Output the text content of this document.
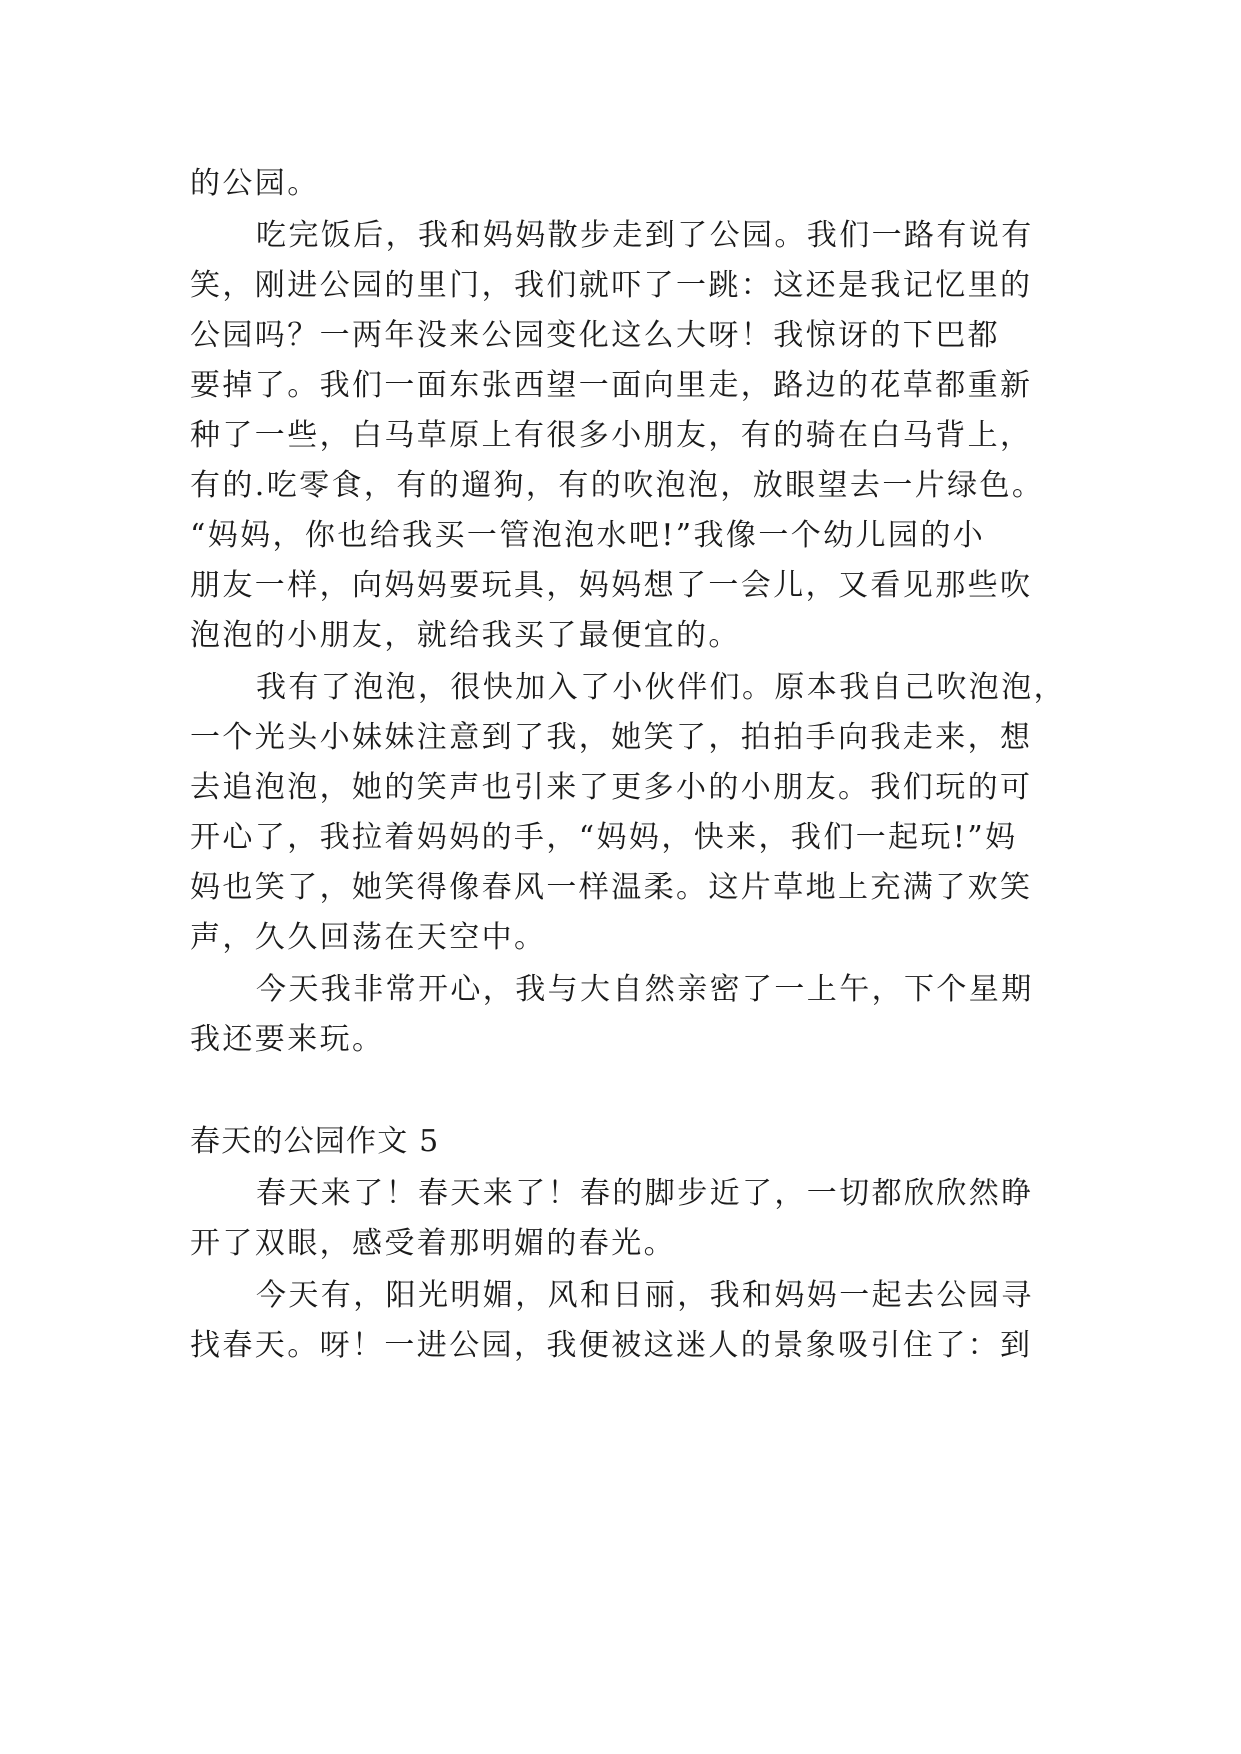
的公园。

吃完饭后，我和妈妈散步走到了公园。我们一路有说有

笑，刚进公园的里门，我们就吓了一跳：这还是我记忆里的

公园吗？一两年没来公园变化这么大呀！我惊讶的下巴都

要掉了。我们一面东张西望一面向里走，路边的花草都重新

种了一些，白马草原上有很多小朋友，有的骑在白马背上，

有的.吃零食，有的遛狗，有的吹泡泡，放眼望去一片绿色。

“妈妈，你也给我买一管泡泡水吧!”我像一个幼儿园的小

朋友一样，向妈妈要玩具，妈妈想了一会儿，又看见那些吹

泡泡的小朋友，就给我买了最便宜的。

我有了泡泡，很快加入了小伙伴们。原本我自己吹泡泡，

一个光头小妹妹注意到了我，她笑了，拍拍手向我走来，想

去追泡泡，她的笑声也引来了更多小的小朋友。我们玩的可

开心了，我拉着妈妈的手，“妈妈，快来，我们一起玩!”妈

妈也笑了，她笑得像春风一样温柔。这片草地上充满了欢笑

声，久久回荡在天空中。

今天我非常开心，我与大自然亲密了一上午，下个星期

我还要来玩。

春天的公园作文 5

春天来了！春天来了！春的脚步近了，一切都欣欣然睁

开了双眼，感受着那明媚的春光。

今天有，阳光明媚，风和日丽，我和妈妈一起去公园寻

找春天。呀！一进公园，我便被这迷人的景象吸引住了：到
